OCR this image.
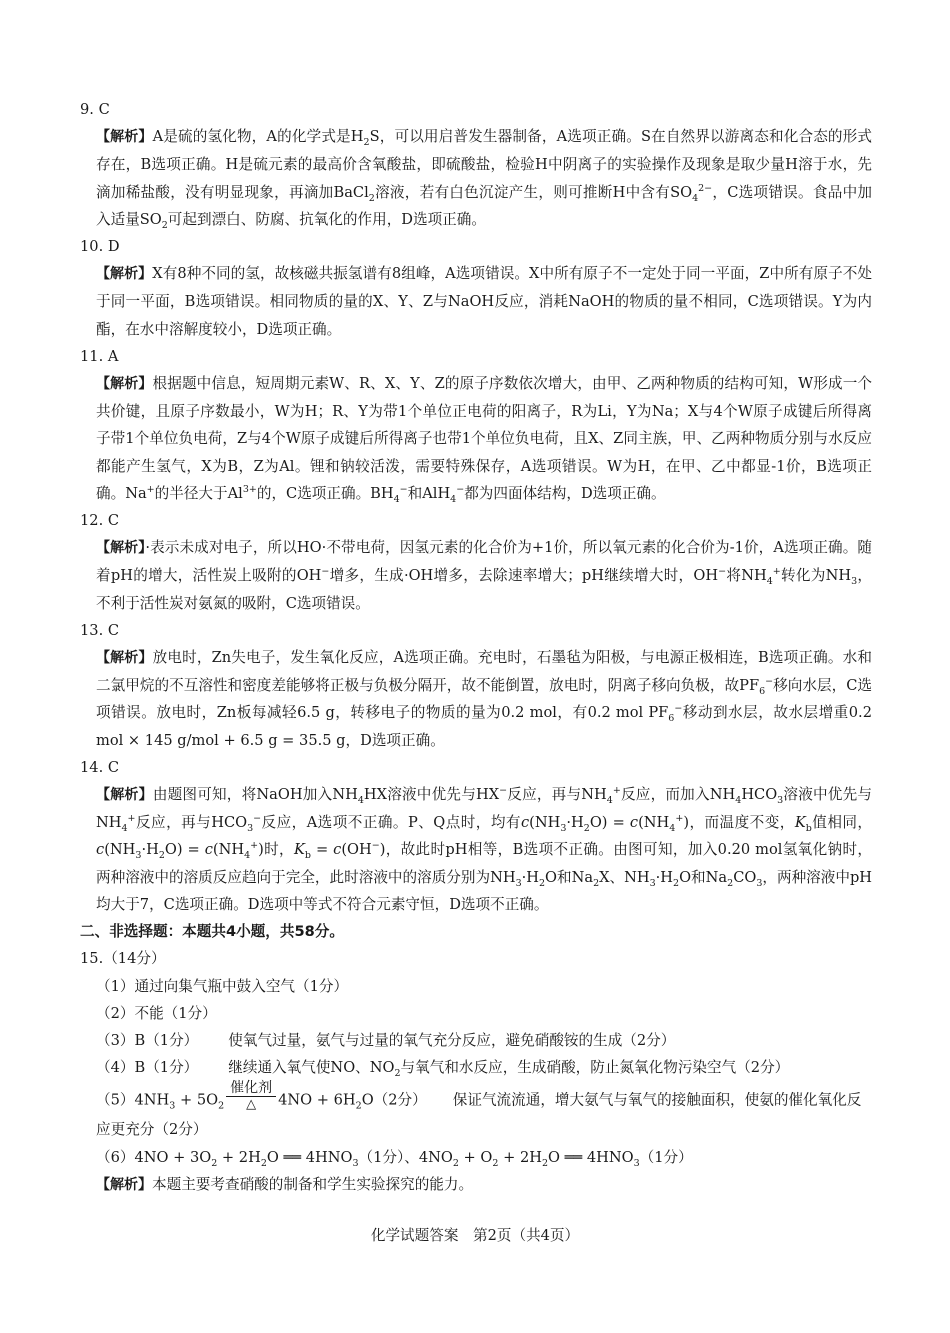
9. C

【解析】A是硫的氢化物，A的化学式是$H_2S$，可以用启普发生器制备，A选项正确。S在自然界以游离态和化合态的形式存在，B选项正确。H是硫元素的最高价含氧酸盐，即硫酸盐，检验H中阴离子的实验操作及现象是取少量H溶于水，先滴加稀盐酸，没有明显现象，再滴加BaCl$_2$溶液，若有白色沉淀产生，则可推断H中含有$SO_4^{2-}$，C选项错误。食品中加入适量$SO_2$可起到漂白、防腐、抗氧化的作用，D选项正确。

10. D

【解析】X有8种不同的氢，故核磁共振氢谱有8组峰，A选项错误。X中所有原子不一定处于同一平面，Z中所有原子不处于同一平面，B选项错误。相同物质的量的X、Y、Z与NaOH反应，消耗NaOH的物质的量不相同，C选项错误。Y为内酯，在水中溶解度较小，D选项正确。

11. A

【解析】根据题中信息，短周期元素W、R、X、Y、Z的原子序数依次增大，由甲、乙两种物质的结构可知，W形成一个共价键，且原子序数最小，W为H；R、Y为带1个单位正电荷的阳离子，R为Li，Y为Na；X与4个W原子成键后所得离子带1个单位负电荷，Z与4个W原子成键后所得离子也带1个单位负电荷，且X、Z同主族，甲、乙两种物质分别与水反应都能产生氢气，X为B，Z为Al。锂和钠较活泼，需要特殊保存，A选项错误。W为H，在甲、乙中都显-1价，B选项正确。Na+的半径大于$Al^{3+}$的，C选项正确。$BH_4^-$和AlH$_4$−都为四面体结构，D选项正确。

12. C

【解析】·表示未成对电子，所以HO·不带电荷，因氢元素的化合价为+1价，所以氧元素的化合价为-1价，A选项正确。随着pH的增大，活性炭上吸附的OH−增多，生成·OH增多，去除速率增大；pH继续增大时，OH−将$NH_4^+$转化为$NH_3$，不利于活性炭对氨氮的吸附，C选项错误。

13. C

【解析】放电时，Zn失电子，发生氧化反应，A选项正确。充电时，石墨毡为阳极，与电源正极相连，B选项正确。水和二氯甲烷的不互溶性和密度差能够将正极与负极分隔开，故不能倒置，放电时，阴离子移向负极，故$PF_6^-$移向水层，C选项错误。放电时，Zn板每减轻6.5 g，转移电子的物质的量为0.2 mol，有0.2 mol $PF_6^-$移动到水层，故水层增重0.2 mol × 145 g/mol + 6.5 g = 35.5 g，D选项正确。

14. C

【解析】由题图可知，将NaOH加入$NH_4HX$溶液中优先与HX−反应，再与$NH_4^+$反应，而加入$NH_4HCO_3$溶液中优先与$NH_4^+$反应，再与$HCO_3^-$反应，A选项不正确。P、Q点时，均有$c(NH_3\cdot H_2O) = c(NH_4^+)$，而温度不变，$K_b$值相同，$c(NH_3\cdot H_2O) = c(NH_4^+)$时，$K_b = c(OH^-)$，故此时pH相等，B选项不正确。由图可知，加入0.20 mol氢氧化钠时，两种溶液中的溶质反应趋向于完全，此时溶液中的溶质分别为$NH_3\cdot H_2O$和$Na_2X$、$NH_3\cdot H_2O$和$Na_2CO_3$，两种溶液中pH均大于7，C选项正确。D选项中等式不符合元素守恒，D选项不正确。

二、非选择题：本题共4小题，共58分。

15.（14分）

（1）通过向集气瓶中鼓入空气（1分）

（2）不能（1分）

（3）B（1分） 使氧气过量，氨气与过量的氧气充分反应，避免硝酸铵的生成（2分）

（4）B（1分） 继续通入氧气使NO、$NO_2$与氧气和水反应，生成硝酸，防止氮氧化物污染空气（2分）

$(5)4NH_3 + 5O_2$
催化剂
△	$4NO + 6H_2O(2$分） 保证气流流通，增大氨气与氧气的接触面积，使氨的催化氧化反应更充分（2分）

$(6)4NO + 3O_2 + 2H_2O$ ══ $4HNO_3(1$分）、$4NO_2 + O_2 + 2H_2O$ ══ $4HNO_3(1$分）

【解析】本题主要考查硝酸的制备和学生实验探究的能力。

化学试题答案　第2页（共4页）
